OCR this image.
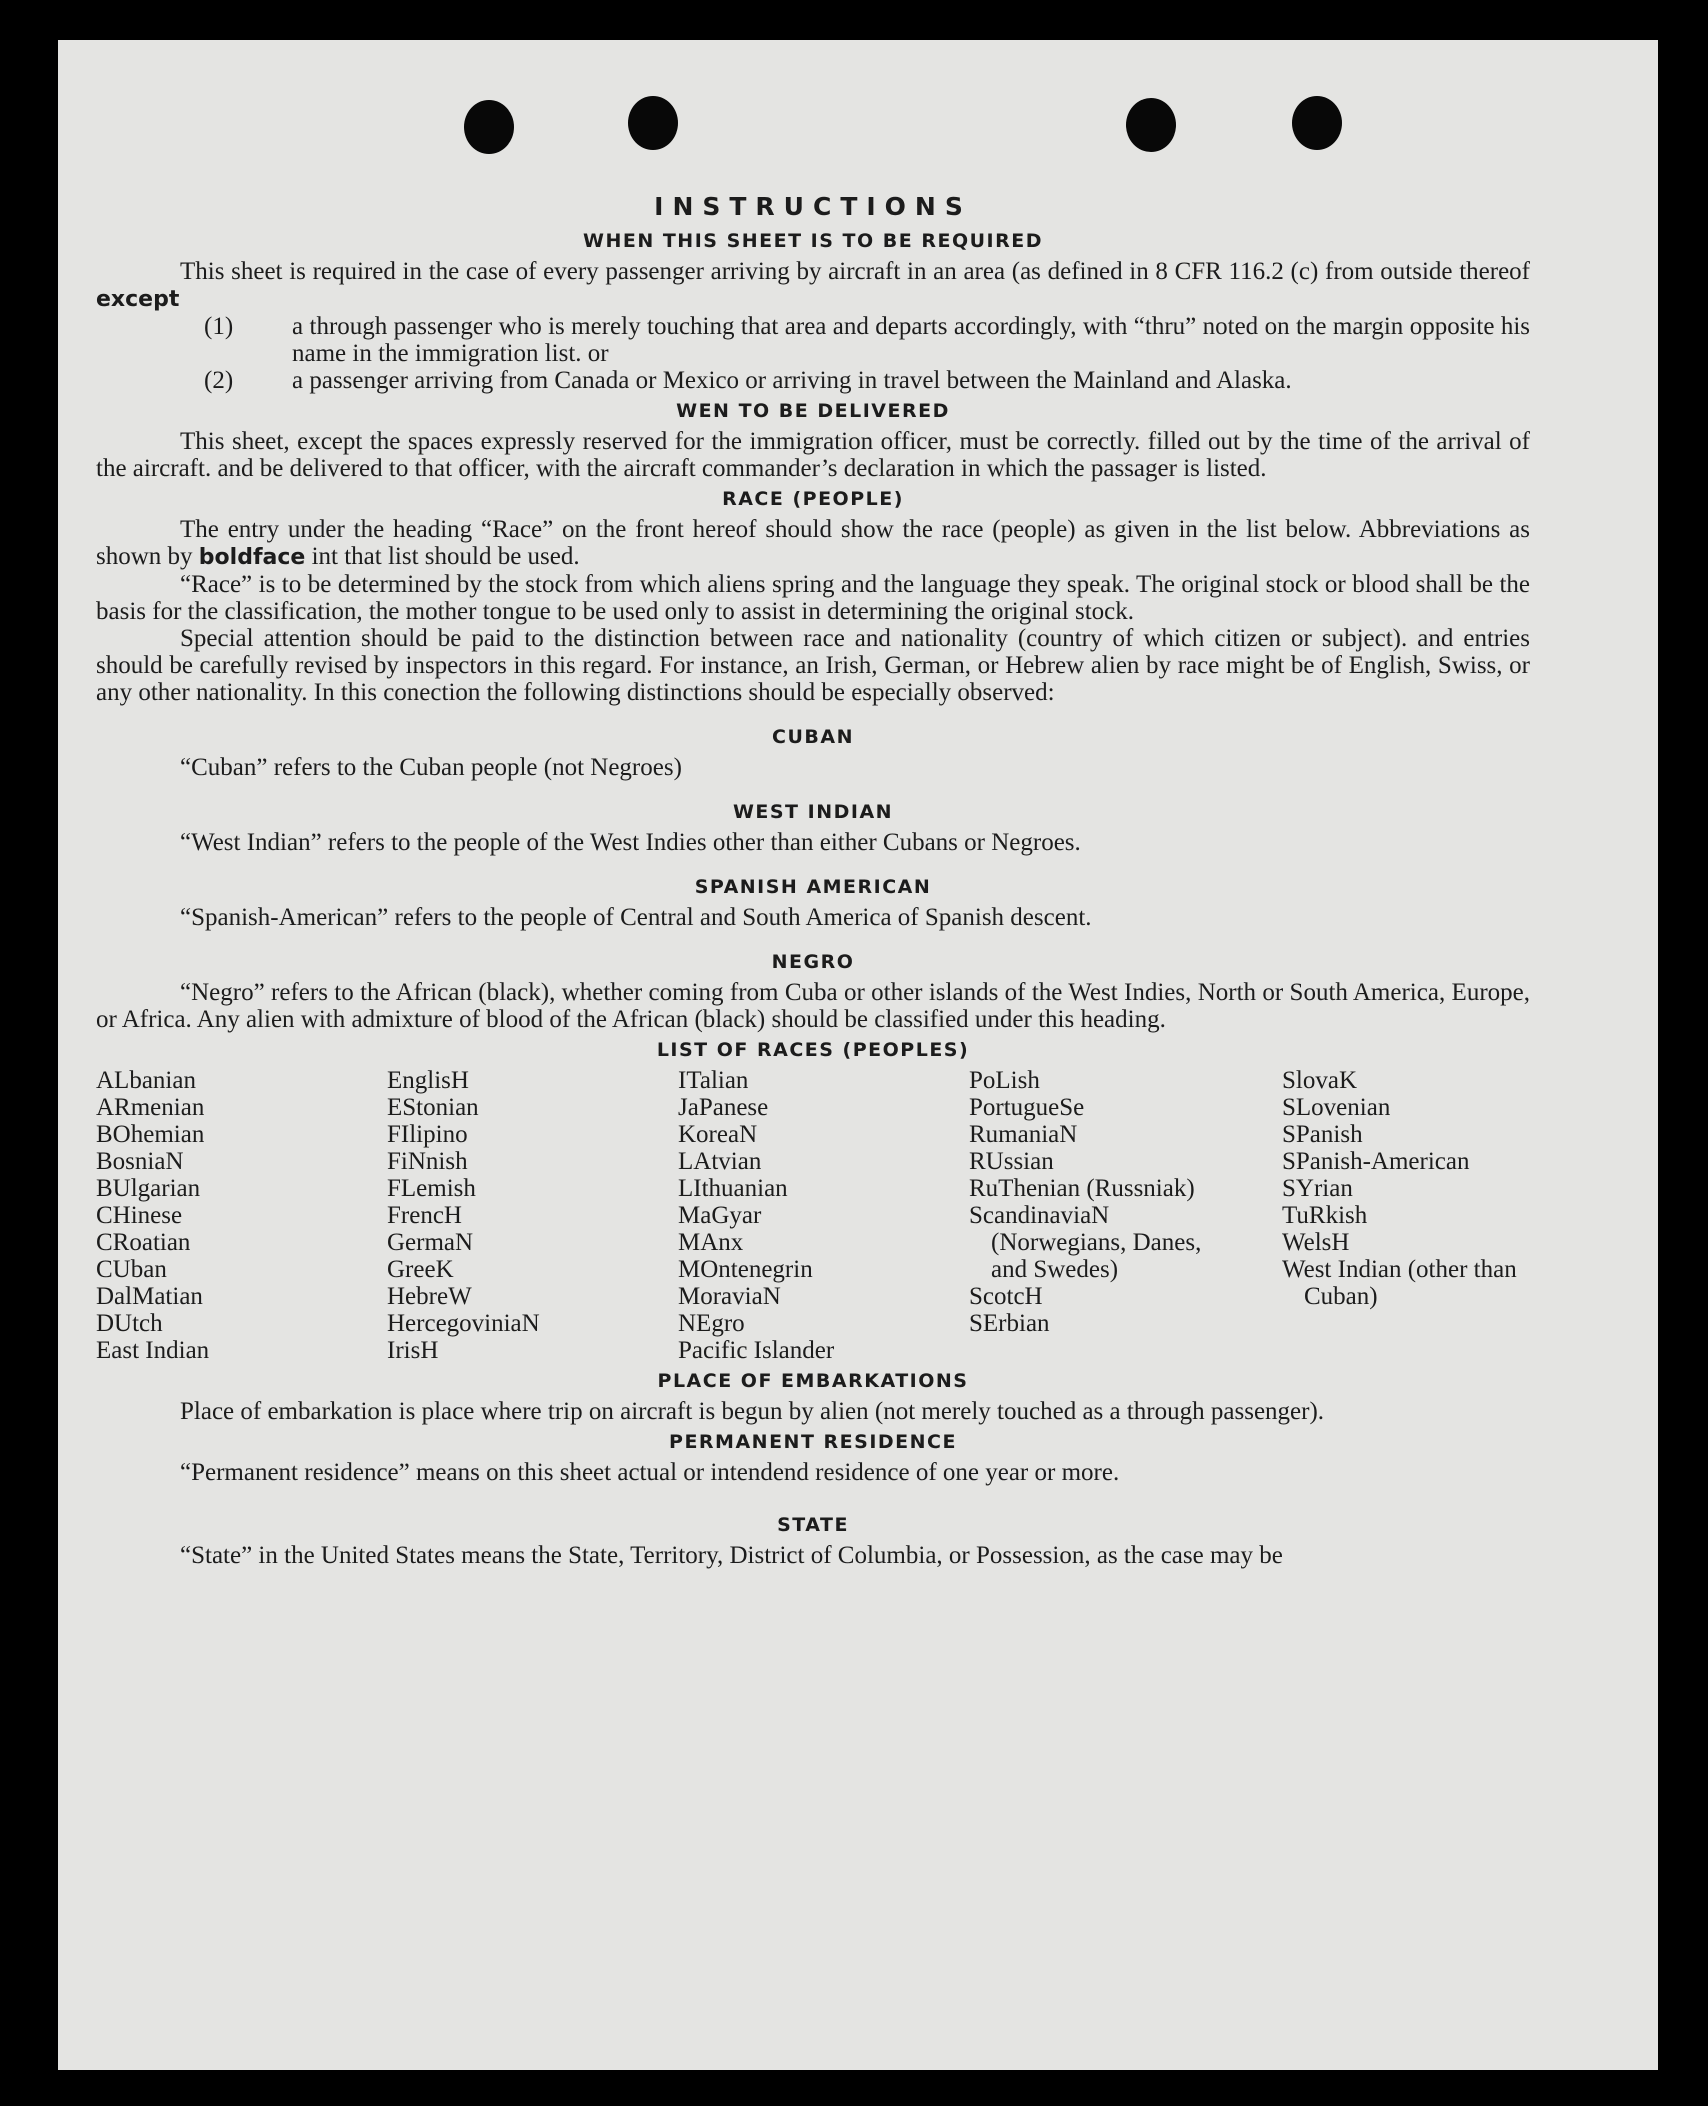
INSTRUCTIONS
WHEN THIS SHEET IS TO BE REQUIRED

This sheet is required in the case of every passenger arriving by aircraft in an area (as defined in 8 CFR 116.2 (c) from outside thereof except

(1)	a through passenger who is merely touching that area and departs accordingly, with “thru” noted on the margin opposite his name in the immigration list. or
(2)	a passenger arriving from Canada or Mexico or arriving in travel between the Mainland and Alaska.
WEN TO BE DELIVERED

This sheet, except the spaces expressly reserved for the immigration officer, must be correctly. filled out by the time of the arrival of the aircraft. and be delivered to that officer, with the aircraft commander’s declaration in which the passager is listed.

RACE (PEOPLE)

The entry under the heading “Race” on the front hereof should show the race (people) as given in the list below. Abbreviations as shown by boldface int that list should be used.

“Race” is to be determined by the stock from which aliens spring and the language they speak. The original stock or blood shall be the basis for the classification, the mother tongue to be used only to assist in determining the original stock.

Special attention should be paid to the distinction between race and nationality (country of which citizen or subject). and entries should be carefully revised by inspectors in this regard. For instance, an Irish, German, or Hebrew alien by race might be of English, Swiss, or any other nationality. In this conection the following distinctions should be especially observed:

CUBAN

“Cuban” refers to the Cuban people (not Negroes)

WEST INDIAN

“West Indian” refers to the people of the West Indies other than either Cubans or Negroes.

SPANISH AMERICAN

“Spanish-American” refers to the people of Central and South America of Spanish descent.

NEGRO

“Negro” refers to the African (black), whether coming from Cuba or other islands of the West Indies, North or South America, Europe, or Africa. Any alien with admixture of blood of the African (black) should be classified under this heading.

LIST OF RACES (PEOPLES)
ALbanian
ARmenian
BOhemian
BosniaN
BUlgarian
CHinese
CRoatian
CUban
DalMatian
DUtch
East Indian
EnglisH
EStonian
FIlipino
FiNnish
FLemish
FrencH
GermaN
GreeK
HebreW
HercegoviniaN
IrisH
ITalian
JaPanese
KoreaN
LAtvian
LIthuanian
MaGyar
MAnx
MOntenegrin
MoraviaN
NEgro
Pacific Islander
PoLish
PortugueSe
RumaniaN
RUssian
RuThenian (Russniak)
ScandinaviaN (Norwegians, Danes, and Swedes)
ScotcH
SErbian
SlovaK
SLovenian
SPanish
SPanish-American
SYrian
TuRkish
WelsH
West Indian (other than Cuban)
PLACE OF EMBARKATIONS

Place of embarkation is place where trip on aircraft is begun by alien (not merely touched as a through passenger).

PERMANENT RESIDENCE

“Permanent residence” means on this sheet actual or intendend residence of one year or more.

STATE

“State” in the United States means the State, Territory, District of Columbia, or Possession, as the case may be
